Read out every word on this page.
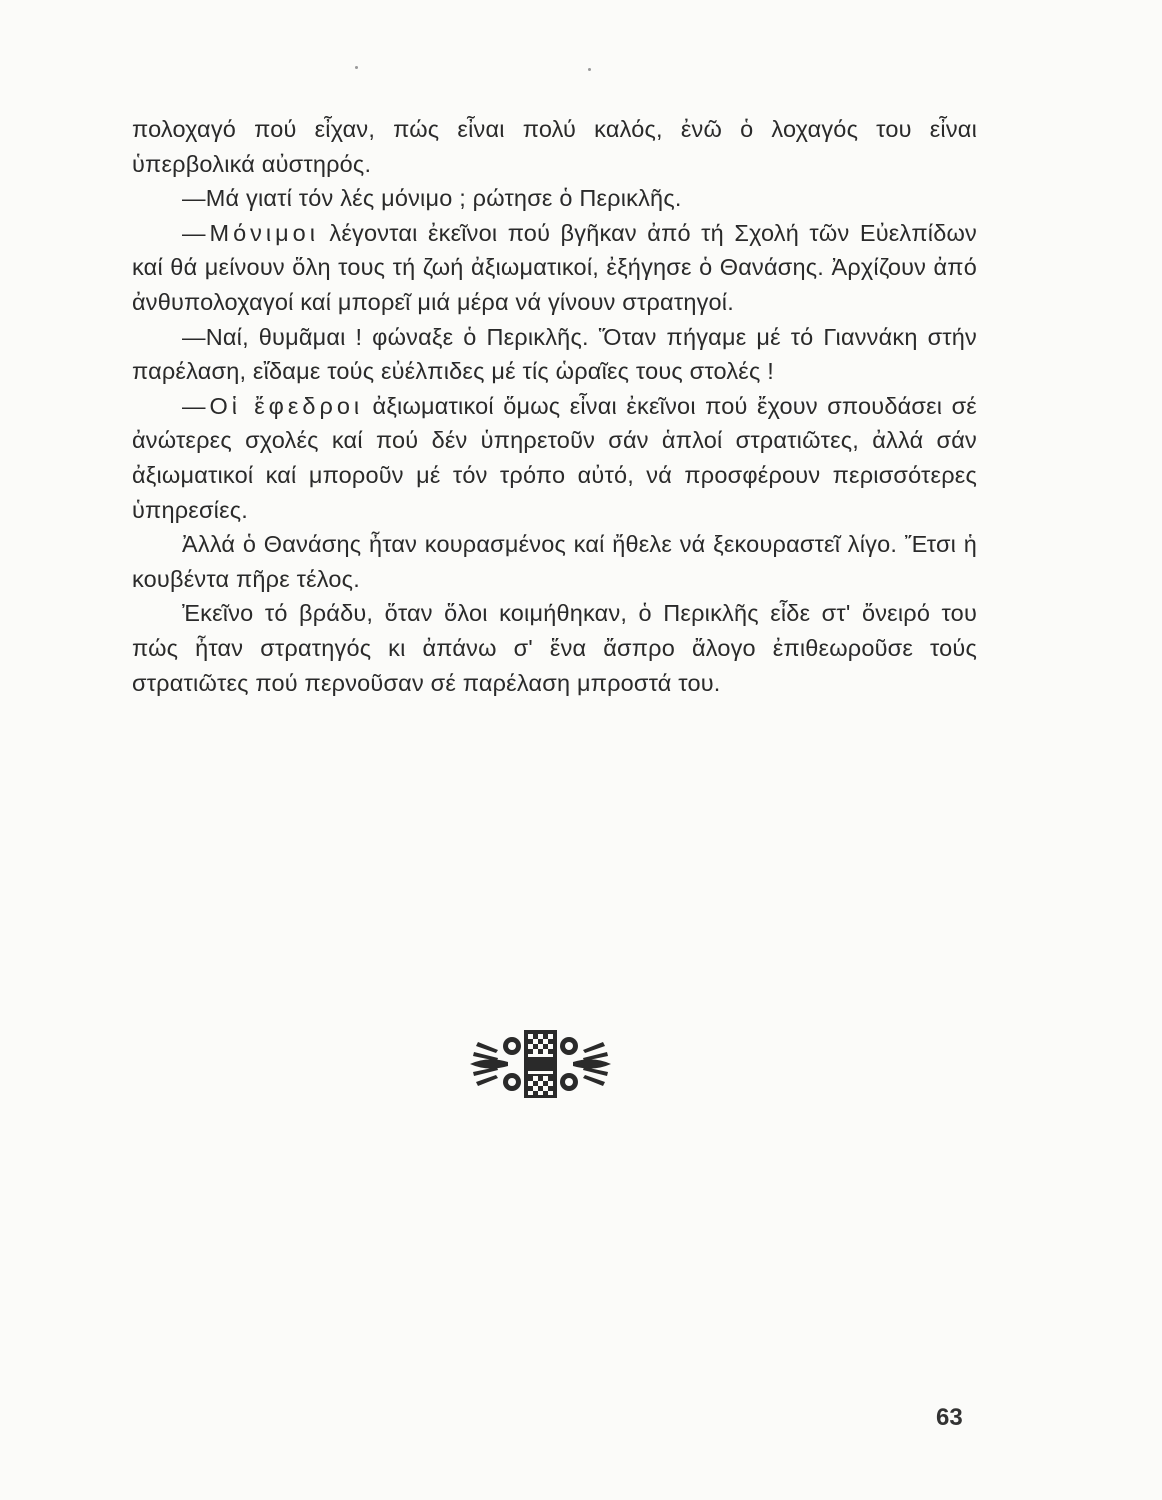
πολοχαγό πού εἶχαν, πώς εἶναι πολύ καλός, ἐνῶ ὁ λοχαγός του εἶναι ὑπερβολικά αὐστηρός.

—Μά γιατί τόν λές μόνιμο ; ρώτησε ὁ Περικλῆς.

—Μόνιμοι λέγονται ἐκεῖνοι πού βγῆκαν ἀπό τή Σχολή τῶν Εὐελπίδων καί θά μείνουν ὅλη τους τή ζωή ἀξιωματικοί, ἐξήγησε ὁ Θανάσης. Ἀρχίζουν ἀπό ἀνθυπολοχαγοί καί μπορεῖ μιά μέρα νά γίνουν στρατηγοί.

—Ναί, θυμᾶμαι ! φώναξε ὁ Περικλῆς. Ὅταν πήγαμε μέ τό Γιαννάκη στήν παρέλαση, εἴδαμε τούς εὐέλπιδες μέ τίς ὡραῖες τους στολές !

—Οἱ ἔφεδροι ἀξιωματικοί ὅμως εἶναι ἐκεῖνοι πού ἔχουν σπουδάσει σέ ἀνώτερες σχολές καί πού δέν ὑπηρετοῦν σάν ἁπλοί στρατιῶτες, ἀλλά σάν ἀξιωματικοί καί μποροῦν μέ τόν τρόπο αὐτό, νά προσφέρουν περισσότερες ὑπηρεσίες.

Ἀλλά ὁ Θανάσης ἦταν κουρασμένος καί ἤθελε νά ξεκουραστεῖ λίγο. Ἔτσι ἡ κουβέντα πῆρε τέλος.

Ἐκεῖνο τό βράδυ, ὅταν ὅλοι κοιμήθηκαν, ὁ Περικλῆς εἶδε στ' ὄνειρό του πώς ἦταν στρατηγός κι ἀπάνω σ' ἕνα ἄσπρο ἄλογο ἐπιθεωροῦσε τούς στρατιῶτες πού περνοῦσαν σέ παρέλαση μπροστά του.

63
